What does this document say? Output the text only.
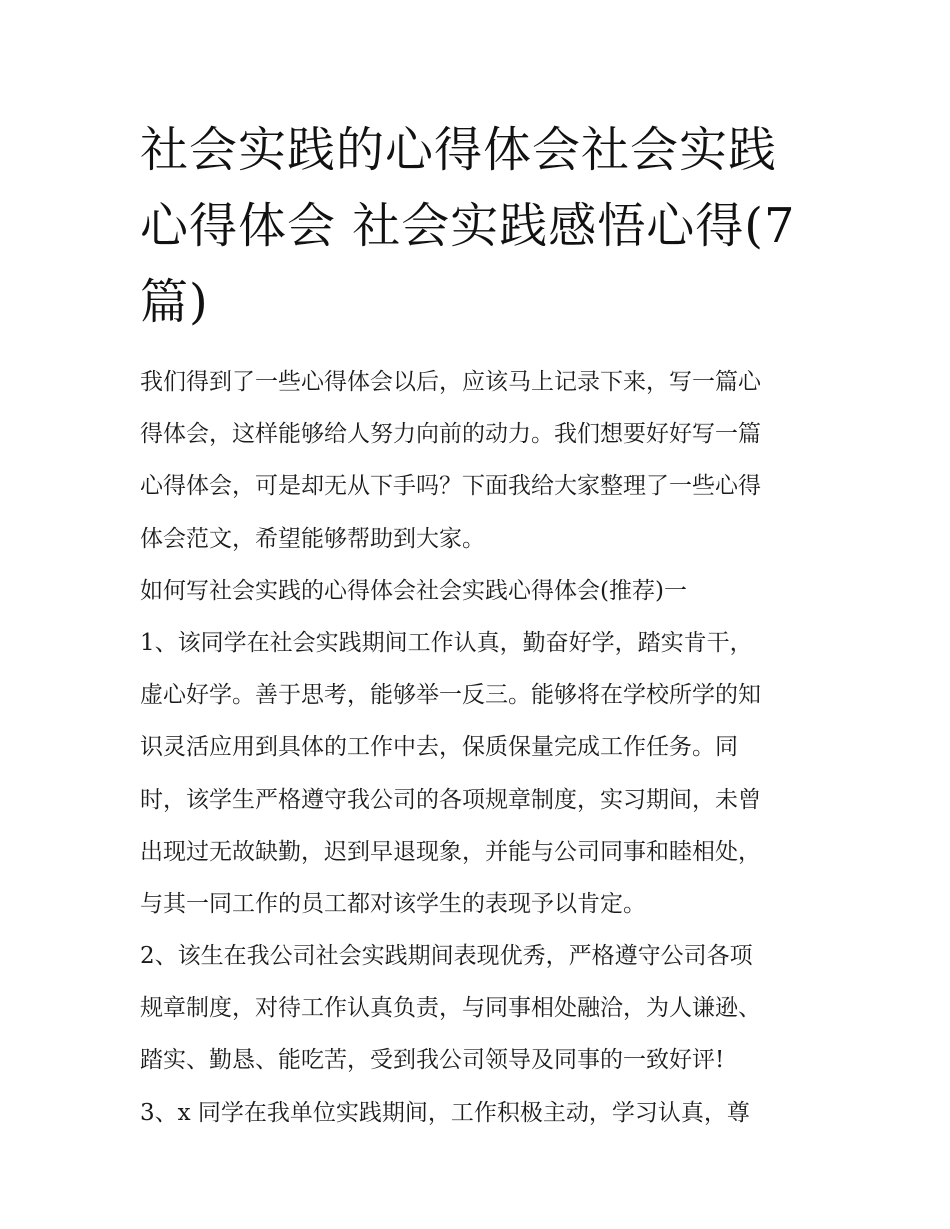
社会实践的心得体会社会实践
心得体会 社会实践感悟心得(7
篇)
我们得到了一些心得体会以后，应该马上记录下来，写一篇心
得体会，这样能够给人努力向前的动力。我们想要好好写一篇
心得体会，可是却无从下手吗？下面我给大家整理了一些心得
体会范文，希望能够帮助到大家。
如何写社会实践的心得体会社会实践心得体会(推荐)一
1、该同学在社会实践期间工作认真，勤奋好学，踏实肯干，
虚心好学。善于思考，能够举一反三。能够将在学校所学的知
识灵活应用到具体的工作中去，保质保量完成工作任务。同
时，该学生严格遵守我公司的各项规章制度，实习期间，未曾
出现过无故缺勤，迟到早退现象，并能与公司同事和睦相处，
与其一同工作的员工都对该学生的表现予以肯定。
2、该生在我公司社会实践期间表现优秀，严格遵守公司各项
规章制度，对待工作认真负责，与同事相处融洽，为人谦逊、
踏实、勤恳、能吃苦，受到我公司领导及同事的一致好评!
3、x 同学在我单位实践期间，工作积极主动，学习认真，尊
